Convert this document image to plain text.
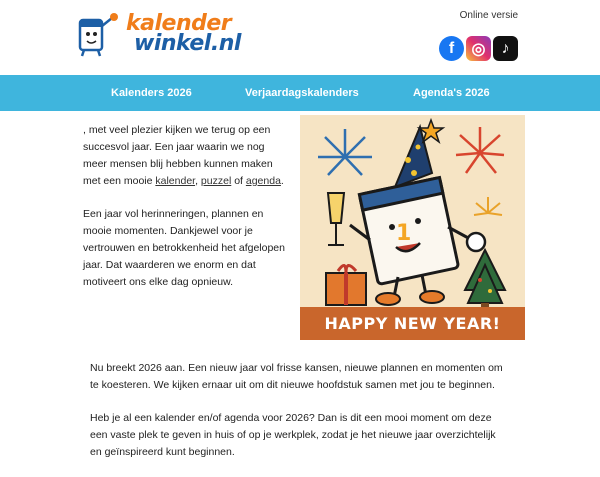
kalender
winkel.nl
Online versie
f	◎	♪
Kalenders 2026	Verjaardagskalenders	Agenda's 2026

, met veel plezier kijken we terug op een succesvol jaar. Een jaar waarin we nog meer mensen blij hebben kunnen maken met een mooie kalender, puzzel of agenda.

Een jaar vol herinneringen, plannen en mooie momenten. Dankjewel voor je vertrouwen en betrokkenheid het afgelopen jaar. Dat waarderen we enorm en dat motiveert ons elke dag opnieuw.

1
HAPPY NEW YEAR!

Nu breekt 2026 aan. Een nieuw jaar vol frisse kansen, nieuwe plannen en momenten om te koesteren. We kijken ernaar uit om dit nieuwe hoofdstuk samen met jou te beginnen.

Heb je al een kalender en/of agenda voor 2026? Dan is dit een mooi moment om deze een vaste plek te geven in huis of op je werkplek, zodat je het nieuwe jaar overzichtelijk en geïnspireerd kunt beginnen.
